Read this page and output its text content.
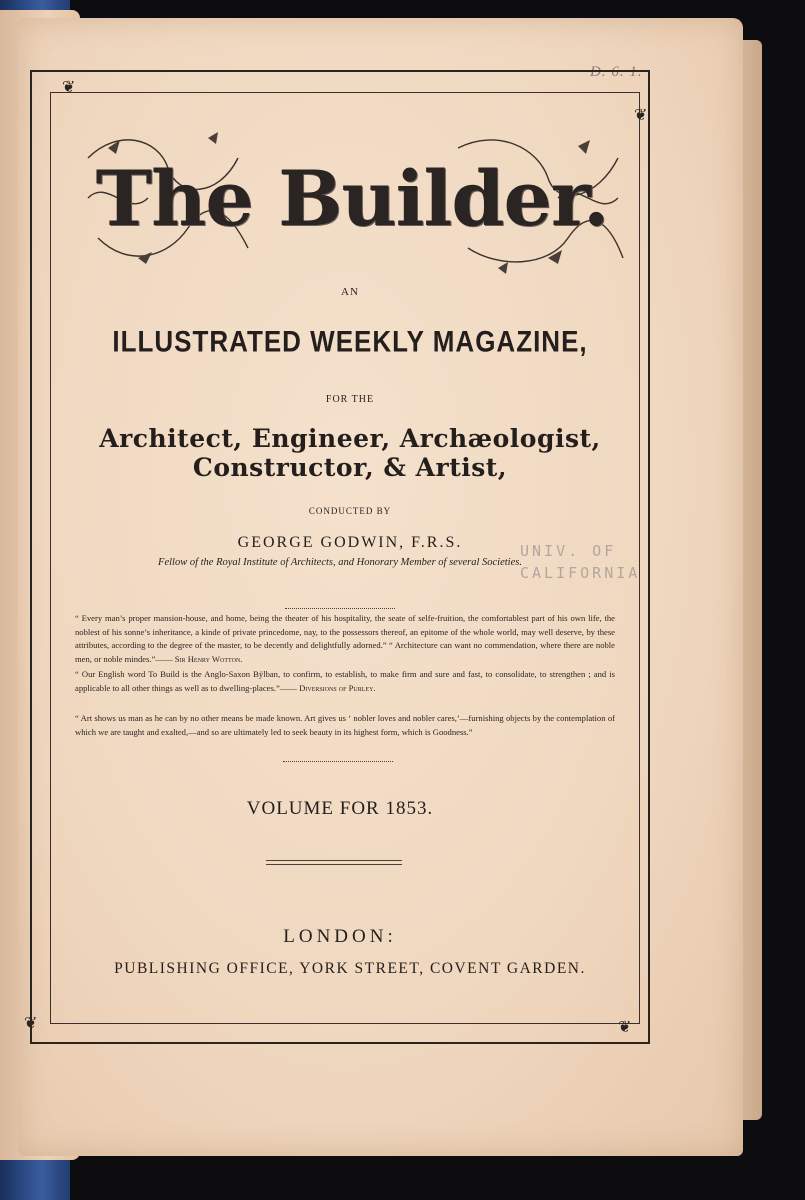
D. 6. 1.
❦
❦
❦	❦
The Builder.
AN
ILLUSTRATED WEEKLY MAGAZINE,
FOR THE
Architect, Engineer, Archæologist, Constructor, & Artist,
CONDUCTED BY
GEORGE GODWIN, F.R.S.
Fellow of the Royal Institute of Architects, and Honorary Member of several Societies.
UNIV. OF
CALIFORNIA
“ Every man’s proper mansion-house, and home, being the theater of his hospitality, the seate of selfe-fruition, the comfortablest part of his own life, the noblest of his sonne’s inheritance, a kinde of private princedome, nay, to the possessors thereof, an epitome of the whole world, may well deserve, by these attributes, according to the degree of the master, to be decently and delightfully adorned.” “ Architecture can want no commendation, where there are noble men, or noble mindes.”—— Sir Henry Wotton.
“ Our English word To Build is the Anglo-Saxon Bÿlban, to confirm, to establish, to make firm and sure and fast, to consolidate, to strengthen ; and is applicable to all other things as well as to dwelling-places.”—— Diversions of Purley.
“ Art shows us man as he can by no other means be made known. Art gives us ‘ nobler loves and nobler cares,’—furnishing objects by the contemplation of which we are taught and exalted,—and so are ultimately led to seek beauty in its highest form, which is Goodness.”
VOLUME FOR 1853.
LONDON:
PUBLISHING OFFICE, YORK STREET, COVENT GARDEN.
